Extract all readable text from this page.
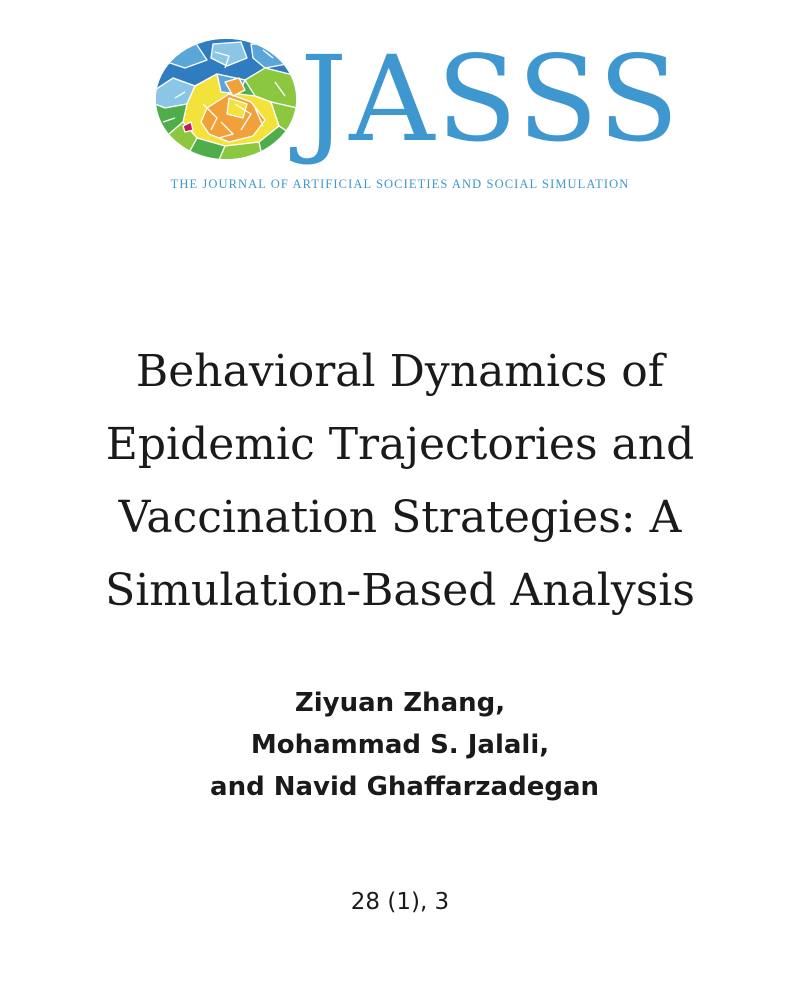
JASSS
THE JOURNAL OF ARTIFICIAL SOCIETIES AND SOCIAL SIMULATION
Behavioral Dynamics of
Epidemic Trajectories and
Vaccination Strategies: A
Simulation-Based Analysis
Ziyuan Zhang,
Mohammad S. Jalali,
and Navid Ghaffarzadegan
28 (1), 3
